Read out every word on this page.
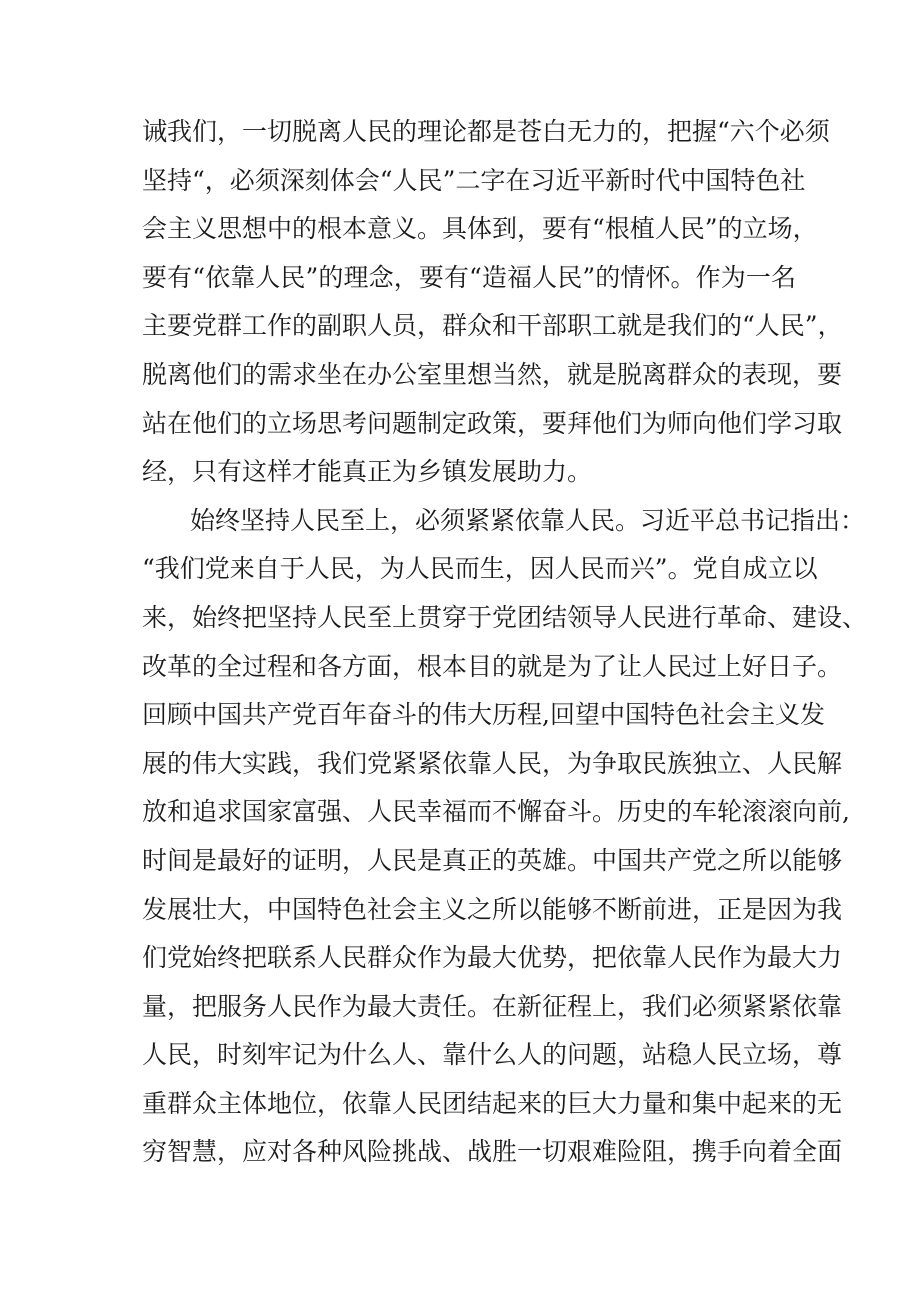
诫我们，一切脱离人民的理论都是苍白无力的，把握“六个必须
坚持“，必须深刻体会“人民”二字在习近平新时代中国特色社
会主义思想中的根本意义。具体到，要有“根植人民”的立场，
要有“依靠人民”的理念，要有“造福人民”的情怀。作为一名
主要党群工作的副职人员，群众和干部职工就是我们的“人民”，
脱离他们的需求坐在办公室里想当然，就是脱离群众的表现，要
站在他们的立场思考问题制定政策，要拜他们为师向他们学习取
经，只有这样才能真正为乡镇发展助力。
始终坚持人民至上，必须紧紧依靠人民。习近平总书记指出：
“我们党来自于人民，为人民而生，因人民而兴”。党自成立以
来，始终把坚持人民至上贯穿于党团结领导人民进行革命、建设、
改革的全过程和各方面，根本目的就是为了让人民过上好日子。
回顾中国共产党百年奋斗的伟大历程,回望中国特色社会主义发
展的伟大实践，我们党紧紧依靠人民，为争取民族独立、人民解
放和追求国家富强、人民幸福而不懈奋斗。历史的车轮滚滚向前,
时间是最好的证明，人民是真正的英雄。中国共产党之所以能够
发展壮大，中国特色社会主义之所以能够不断前进，正是因为我
们党始终把联系人民群众作为最大优势，把依靠人民作为最大力
量，把服务人民作为最大责任。在新征程上，我们必须紧紧依靠
人民，时刻牢记为什么人、靠什么人的问题，站稳人民立场，尊
重群众主体地位，依靠人民团结起来的巨大力量和集中起来的无
穷智慧，应对各种风险挑战、战胜一切艰难险阻，携手向着全面
